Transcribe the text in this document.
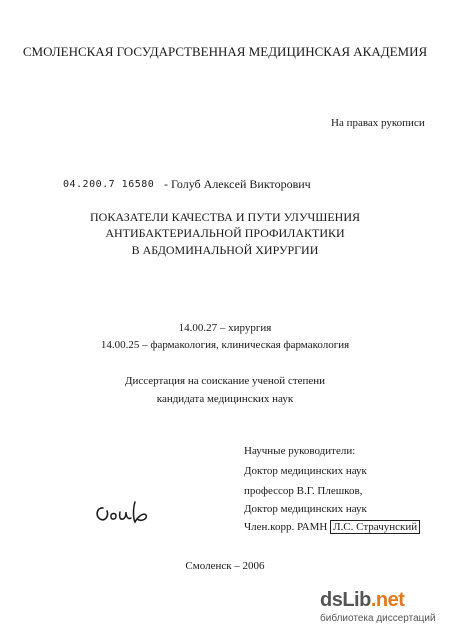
СМОЛЕНСКАЯ ГОСУДАРСТВЕННАЯ МЕДИЦИНСКАЯ АКАДЕМИЯ
На правах рукописи
04.200.7 16580 - Голуб Алексей Викторович
ПОКАЗАТЕЛИ КАЧЕСТВА И ПУТИ УЛУЧШЕНИЯ
АНТИБАКТЕРИАЛЬНОЙ ПРОФИЛАКТИКИ
В АБДОМИНАЛЬНОЙ ХИРУРГИИ
14.00.27 – хирургия
14.00.25 – фармакология, клиническая фармакология
Диссертация на соискание ученой степени
кандидата медицинских наук
Научные руководители:
Доктор медицинских наук
профессор В.Г. Плешков,
Доктор медицинских наук
Член.корр. РАМН Л.С. Страчунский
Смоленск – 2006
dsLib.net
библиотека диссертаций
